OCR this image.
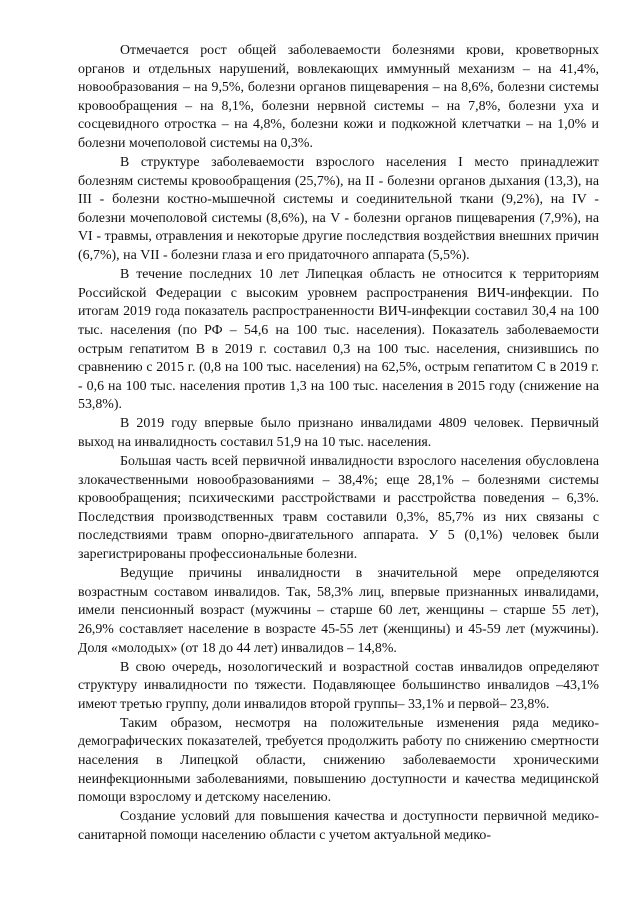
Отмечается рост общей заболеваемости болезнями крови, кроветворных органов и отдельных нарушений, вовлекающих иммунный механизм – на 41,4%, новообразования – на 9,5%, болезни органов пищеварения – на 8,6%, болезни системы кровообращения – на 8,1%, болезни нервной системы – на 7,8%, болезни уха и сосцевидного отростка – на 4,8%, болезни кожи и подкожной клетчатки – на 1,0% и болезни мочеполовой системы на 0,3%.

В структуре заболеваемости взрослого населения I место принадлежит болезням системы кровообращения (25,7%), на II - болезни органов дыхания (13,3), на III - болезни костно-мышечной системы и соединительной ткани (9,2%), на IV - болезни мочеполовой системы (8,6%), на V - болезни органов пищеварения (7,9%), на VI - травмы, отравления и некоторые другие последствия воздействия внешних причин (6,7%), на VII - болезни глаза и его придаточного аппарата (5,5%).

В течение последних 10 лет Липецкая область не относится к территориям Российской Федерации с высоким уровнем распространения ВИЧ-инфекции. По итогам 2019 года показатель распространенности ВИЧ-инфекции составил 30,4 на 100 тыс. населения (по РФ – 54,6 на 100 тыс. населения). Показатель заболеваемости острым гепатитом В в 2019 г. составил 0,3 на 100 тыс. населения, снизившись по сравнению с 2015 г. (0,8 на 100 тыс. населения) на 62,5%, острым гепатитом С в 2019 г. - 0,6 на 100 тыс. населения против 1,3 на 100 тыс. населения в 2015 году (снижение на 53,8%).

В 2019 году впервые было признано инвалидами 4809 человек. Первичный выход на инвалидность составил 51,9 на 10 тыс. населения.

Большая часть всей первичной инвалидности взрослого населения обусловлена злокачественными новообразованиями – 38,4%; еще 28,1% – болезнями системы кровообращения; психическими расстройствами и расстройства поведения – 6,3%. Последствия производственных травм составили 0,3%, 85,7% из них связаны с последствиями травм опорно-двигательного аппарата. У 5 (0,1%) человек были зарегистрированы профессиональные болезни.

Ведущие причины инвалидности в значительной мере определяются возрастным составом инвалидов. Так, 58,3% лиц, впервые признанных инвалидами, имели пенсионный возраст (мужчины – старше 60 лет, женщины – старше 55 лет), 26,9% составляет население в возрасте 45-55 лет (женщины) и 45-59 лет (мужчины). Доля «молодых» (от 18 до 44 лет) инвалидов – 14,8%.

В свою очередь, нозологический и возрастной состав инвалидов определяют структуру инвалидности по тяжести. Подавляющее большинство инвалидов –43,1% имеют третью группу, доли инвалидов второй группы– 33,1% и первой– 23,8%.

Таким образом, несмотря на положительные изменения ряда медико-демографических показателей, требуется продолжить работу по снижению смертности населения в Липецкой области, снижению заболеваемости хроническими неинфекционными заболеваниями, повышению доступности и качества медицинской помощи взрослому и детскому населению.

Создание условий для повышения качества и доступности первичной медико-санитарной помощи населению области с учетом актуальной медико-
